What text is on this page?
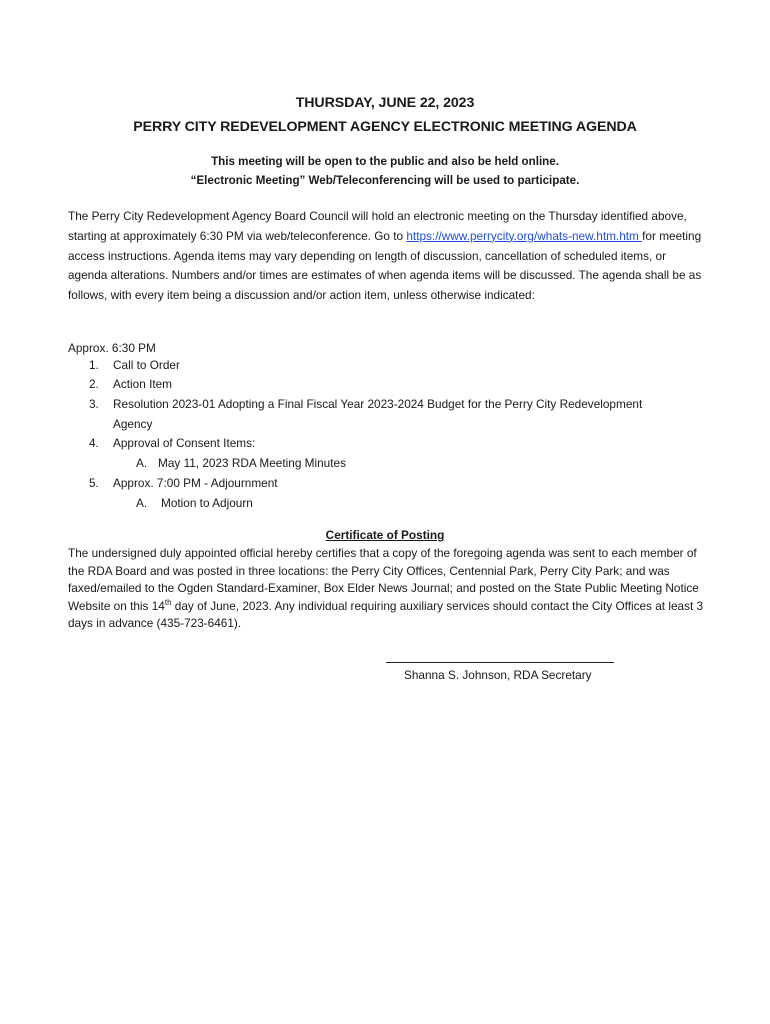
THURSDAY, JUNE 22, 2023
PERRY CITY REDEVELOPMENT AGENCY ELECTRONIC MEETING AGENDA
This meeting will be open to the public and also be held online.
“Electronic Meeting” Web/Teleconferencing will be used to participate.
The Perry City Redevelopment Agency Board Council will hold an electronic meeting on the Thursday identified above, starting at approximately 6:30 PM via web/teleconference. Go to https://www.perrycity.org/whats-new.htm.htm for meeting access instructions. Agenda items may vary depending on length of discussion, cancellation of scheduled items, or agenda alterations. Numbers and/or times are estimates of when agenda items will be discussed. The agenda shall be as follows, with every item being a discussion and/or action item, unless otherwise indicated:
Approx. 6:30 PM
1. Call to Order
2. Action Item
3. Resolution 2023-01 Adopting a Final Fiscal Year 2023-2024 Budget for the Perry City Redevelopment
Agency
4. Approval of Consent Items:
A. May 11, 2023 RDA Meeting Minutes
5. Approx. 7:00 PM - Adjournment
A. Motion to Adjourn
Certificate of Posting
The undersigned duly appointed official hereby certifies that a copy of the foregoing agenda was sent to each member of the RDA Board and was posted in three locations: the Perry City Offices, Centennial Park, Perry City Park; and was faxed/emailed to the Ogden Standard-Examiner, Box Elder News Journal; and posted on the State Public Meeting Notice Website on this 14th day of June, 2023. Any individual requiring auxiliary services should contact the City Offices at least 3 days in advance (435-723-6461).
Shanna S. Johnson, RDA Secretary
